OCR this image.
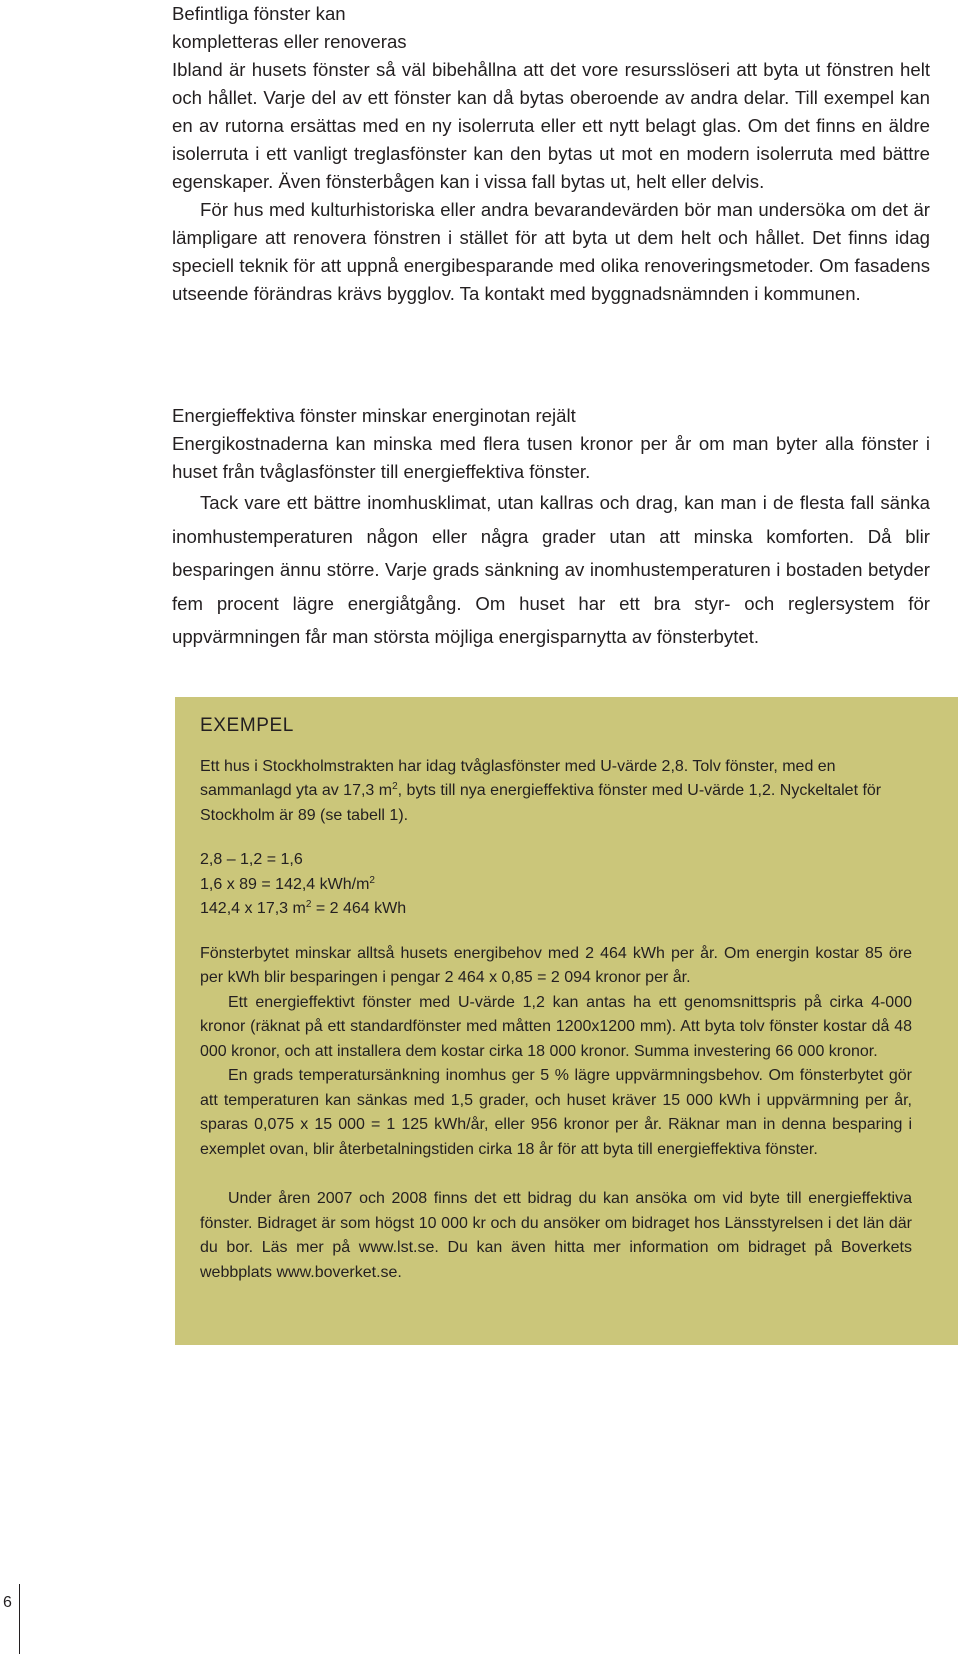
Befintliga fönster kan
kompletteras eller renoveras

Ibland är husets fönster så väl bibehållna att det vore resursslöseri att byta ut fönstren helt och hållet. Varje del av ett fönster kan då bytas oberoende av andra delar. Till exempel kan en av rutorna ersättas med en ny isolerruta eller ett nytt belagt glas. Om det finns en äldre isolerruta i ett vanligt treglasfönster kan den bytas ut mot en modern isolerruta med bättre egenskaper. Även fönsterbågen kan i vissa fall bytas ut, helt eller delvis.

För hus med kulturhistoriska eller andra bevarandevärden bör man undersöka om det är lämpligare att renovera fönstren i stället för att byta ut dem helt och hållet. Det finns idag speciell teknik för att uppnå energibesparande med olika renoveringsmetoder. Om fasadens utseende förändras krävs bygglov. Ta kontakt med byggnadsnämnden i kommunen.

Energieffektiva fönster minskar energinotan rejält

Energikostnaderna kan minska med flera tusen kronor per år om man byter alla fönster i huset från tvåglasfönster till energieffektiva fönster.

Tack vare ett bättre inomhusklimat, utan kallras och drag, kan man i de flesta fall sänka inomhustemperaturen någon eller några grader utan att minska komforten. Då blir besparingen ännu större. Varje grads sänkning av inomhustemperaturen i bostaden betyder fem procent lägre energiåtgång. Om huset har ett bra styr- och reglersystem för uppvärmningen får man största möjliga energisparnytta av fönsterbytet.

EXEMPEL

Ett hus i Stockholmstrakten har idag tvåglasfönster med U-värde 2,8. Tolv fönster, med en sammanlagd yta av 17,3 $m^2$, byts till nya energieffektiva fönster med U-värde 1,2. Nyckeltalet för Stockholm är 89 (se tabell 1).

2,8 – 1,2 = 1,6

1,6 x 89 = 142,4 kWh/$m^2$

142,4 x 17,3 $m^2 = 2$ 464 kWh

Fönsterbytet minskar alltså husets energibehov med 2 464 kWh per år. Om energin kostar 85 öre per kWh blir besparingen i pengar 2 464 x 0,85 = 2 094 kronor per år.

Ett energieffektivt fönster med U-värde 1,2 kan antas ha ett genomsnittspris på cirka 4-000 kronor (räknat på ett standardfönster med måtten 1200x1200 mm). Att byta tolv fönster kostar då 48 000 kronor, och att installera dem kostar cirka 18 000 kronor. Summa investering 66 000 kronor.

En grads temperatursänkning inomhus ger 5 % lägre uppvärmningsbehov. Om fönsterbytet gör att temperaturen kan sänkas med 1,5 grader, och huset kräver 15 000 kWh i uppvärmning per år, sparas 0,075 x 15 000 = 1 125 kWh/år, eller 956 kronor per år. Räknar man in denna besparing i exemplet ovan, blir återbetalningstiden cirka 18 år för att byta till energieffektiva fönster.

Under åren 2007 och 2008 finns det ett bidrag du kan ansöka om vid byte till energieffektiva fönster. Bidraget är som högst 10 000 kr och du ansöker om bidraget hos Länsstyrelsen i det län där du bor. Läs mer på www.lst.se. Du kan även hitta mer information om bidraget på Boverkets webbplats www.boverket.se.

6
